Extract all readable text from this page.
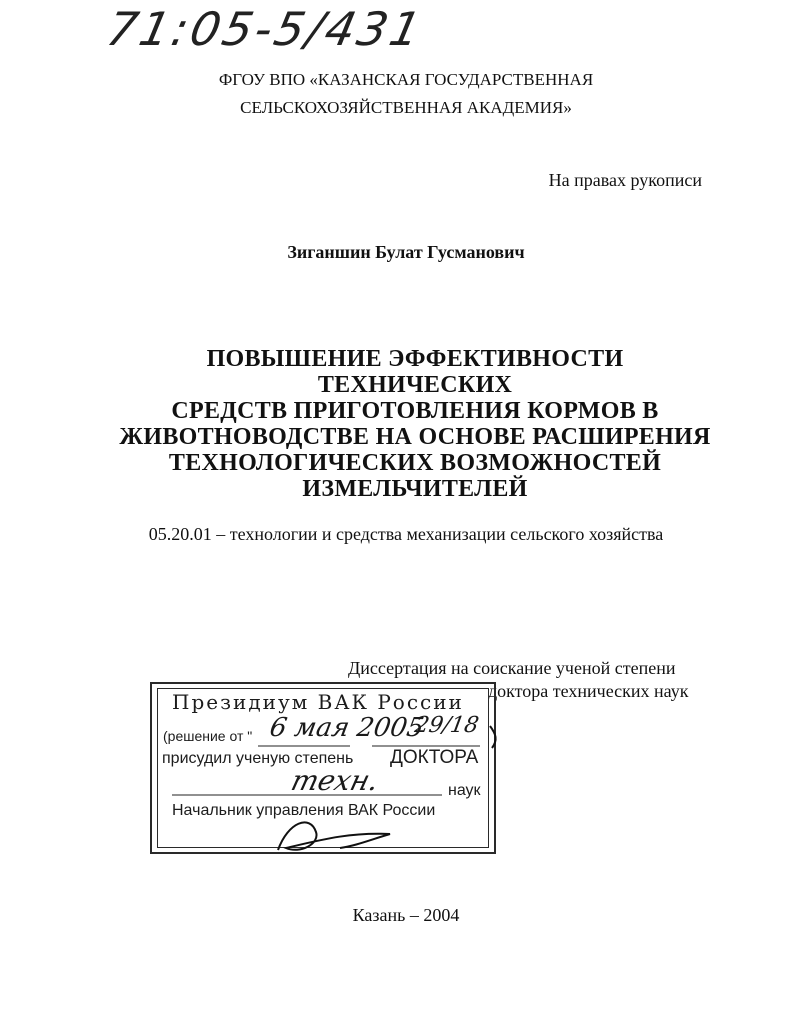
71:05-5/431
ФГОУ ВПО «КАЗАНСКАЯ ГОСУДАРСТВЕННАЯ
СЕЛЬСКОХОЗЯЙСТВЕННАЯ АКАДЕМИЯ»
На правах рукописи
Зиганшин Булат Гусманович
ПОВЫШЕНИЕ ЭФФЕКТИВНОСТИ ТЕХНИЧЕСКИХ
СРЕДСТВ ПРИГОТОВЛЕНИЯ КОРМОВ В
ЖИВОТНОВОДСТВЕ НА ОСНОВЕ РАСШИРЕНИЯ
ТЕХНОЛОГИЧЕСКИХ ВОЗМОЖНОСТЕЙ
ИЗМЕЛЬЧИТЕЛЕЙ
05.20.01 – технологии и средства механизации сельского хозяйства
Диссертация на соискание ученой степени
доктора технических наук
Президиум ВАК России
(решение от " 6 мая 2005
29/18
присудил ученую степень ДОКТОРА
техн.	наук
Начальник управления ВАК России
Казань – 2004
